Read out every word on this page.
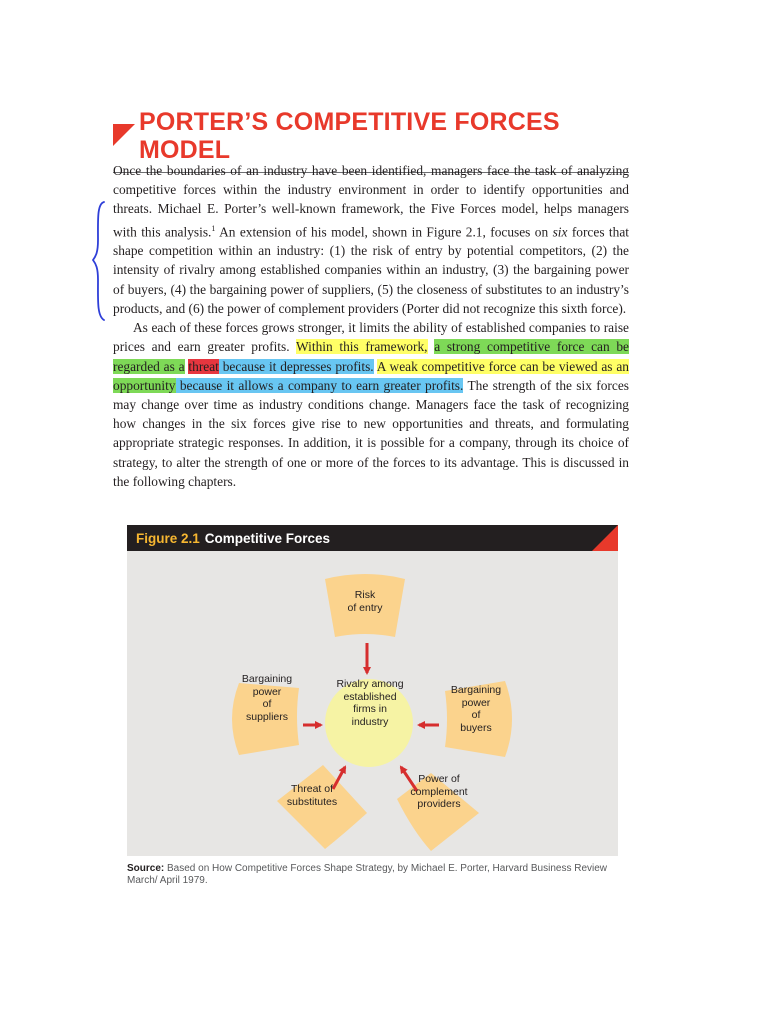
PORTER’S COMPETITIVE FORCES MODEL

Once the boundaries of an industry have been identified, managers face the task of analyzing competitive forces within the industry environment in order to identify opportunities and threats. Michael E. Porter’s well-known framework, the Five Forces model, helps managers with this analysis.$^1$ An extension of his model, shown in Figure 2.1, focuses on six forces that shape competition within an industry: (1) the risk of entry by potential competitors, (2) the intensity of rivalry among established companies within an industry, (3) the bargaining power of buyers, (4) the bargaining power of suppliers, (5) the closeness of substitutes to an industry’s products, and (6) the power of complement providers (Porter did not recognize this sixth force).

As each of these forces grows stronger, it limits the ability of established companies to raise prices and earn greater profits. Within this framework, a strong competitive force can be regarded as a threat because it depresses profits. A weak competitive force can be viewed as an opportunity because it allows a company to earn greater profits. The strength of the six forces may change over time as industry conditions change. Managers face the task of recognizing how changes in the six forces give rise to new opportunities and threats, and formulating appropriate strategic responses. In addition, it is possible for a company, through its choice of strategy, to alter the strength of one or more of the forces to its advantage. This is discussed in the following chapters.

Figure 2.1 Competitive Forces
Risk
of entry
Bargaining
power
of
suppliers
Rivalry among
established
firms in
industry
Bargaining
power
of
buyers
Threat of
substitutes
Power of
complement
providers
Source: Based on How Competitive Forces Shape Strategy, by Michael E. Porter, Harvard Business Review March/ April 1979.
